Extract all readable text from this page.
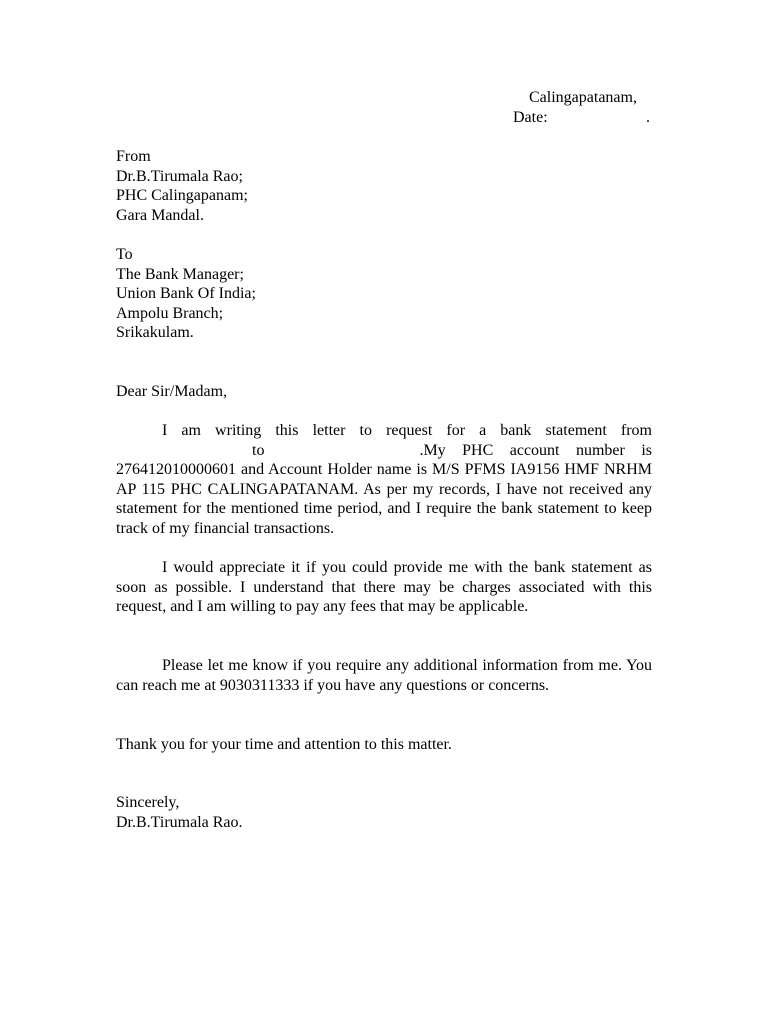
Calingapatanam,
Date:	.
From
Dr.B.Tirumala Rao;
PHC Calingapanam;
Gara Mandal.
To
The Bank Manager;
Union Bank Of India;
Ampolu Branch;
Srikakulam.
Dear Sir/Madam,
I am writing this letter to request for a bank statement from to	.My PHC account number is 276412010000601 and Account Holder name is M/S PFMS IA9156 HMF NRHM AP 115 PHC CALINGAPATANAM. As per my records, I have not received any statement for the mentioned time period, and I require the bank statement to keep track of my financial transactions.
I would appreciate it if you could provide me with the bank statement as soon as possible. I understand that there may be charges associated with this request, and I am willing to pay any fees that may be applicable.
Please let me know if you require any additional information from me. You can reach me at 9030311333 if you have any questions or concerns.
Thank you for your time and attention to this matter.
Sincerely,
Dr.B.Tirumala Rao.
